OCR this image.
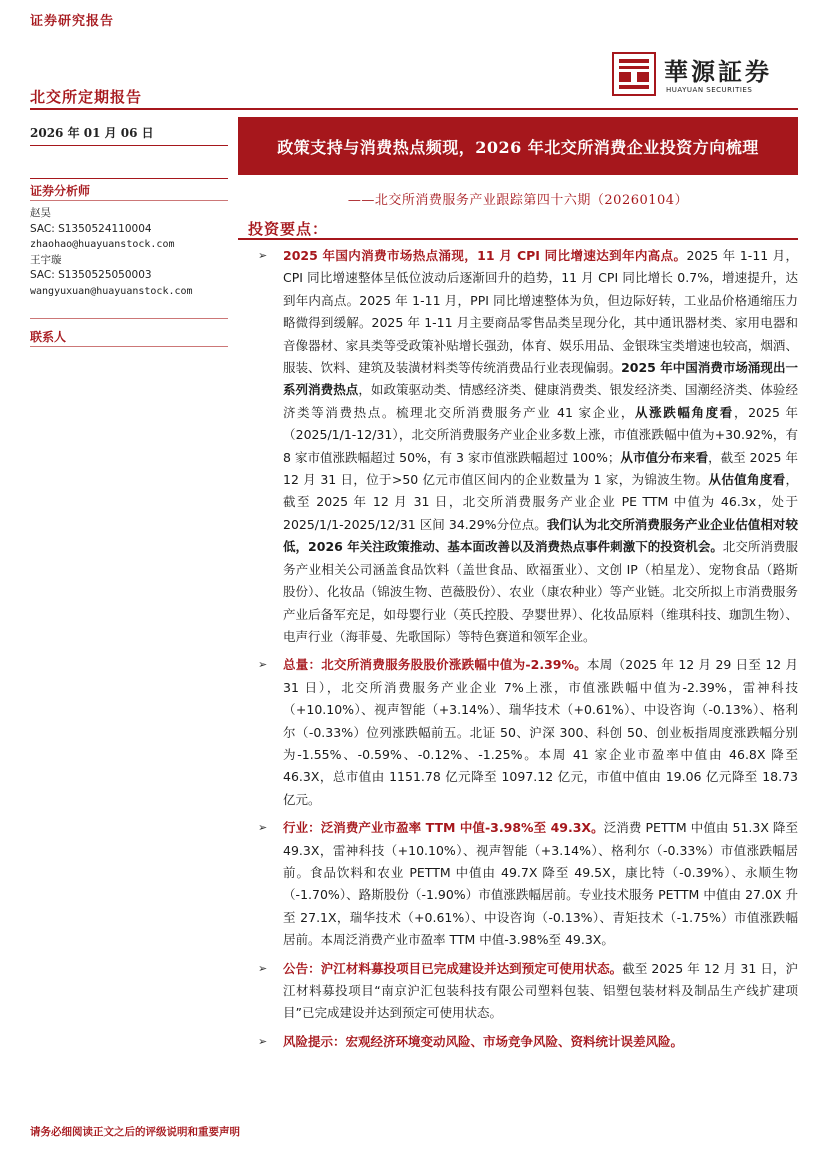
证券研究报告
華源証券
HUAYUAN SECURITIES
北交所定期报告
2026 年 01 月 06 日
政策支持与消费热点频现，2026 年北交所消费企业投资方向梳理
——北交所消费服务产业跟踪第四十六期（20260104）
证券分析师
赵昊
SAC: S1350524110004
zhaohao@huayuanstock.com
王宇璇
SAC: S1350525050003
wangyuxuan@huayuanstock.com
联系人
投资要点：
➢ 2025 年国内消费市场热点涌现，11 月 CPI 同比增速达到年内高点。2025 年 1-11 月，CPI 同比增速整体呈低位波动后逐渐回升的趋势，11 月 CPI 同比增长 0.7%，增速提升，达到年内高点。2025 年 1-11 月，PPI 同比增速整体为负，但边际好转，工业品价格通缩压力略微得到缓解。2025 年 1-11 月主要商品零售品类呈现分化，其中通讯器材类、家用电器和音像器材、家具类等受政策补贴增长强劲，体育、娱乐用品、金银珠宝类增速也较高，烟酒、服装、饮料、建筑及装潢材料类等传统消费品行业表现偏弱。2025 年中国消费市场涌现出一系列消费热点，如政策驱动类、情感经济类、健康消费类、银发经济类、国潮经济类、体验经济类等消费热点。梳理北交所消费服务产业 41 家企业，从涨跌幅角度看，2025 年（2025/1/1-12/31），北交所消费服务产业企业多数上涨，市值涨跌幅中值为+30.92%，有 8 家市值涨跌幅超过 50%，有 3 家市值涨跌幅超过 100%；从市值分布来看，截至 2025 年 12 月 31 日，位于>50 亿元市值区间内的企业数量为 1 家，为锦波生物。从估值角度看，截至 2025 年 12 月 31 日，北交所消费服务产业企业 PE TTM 中值为 46.3x，处于 2025/1/1-2025/12/31 区间 34.29%分位点。我们认为北交所消费服务产业企业估值相对较低，2026 年关注政策推动、基本面改善以及消费热点事件刺激下的投资机会。北交所消费服务产业相关公司涵盖食品饮料（盖世食品、欧福蛋业）、文创 IP（柏星龙）、宠物食品（路斯股份）、化妆品（锦波生物、芭薇股份）、农业（康农种业）等产业链。北交所拟上市消费服务产业后备军充足，如母婴行业（英氏控股、孕婴世界）、化妆品原料（维琪科技、珈凯生物）、电声行业（海菲曼、先歌国际）等特色赛道和领军企业。
➢ 总量：北交所消费服务股股价涨跌幅中值为-2.39%。本周（2025 年 12 月 29 日至 12 月 31 日），北交所消费服务产业企业 7%上涨，市值涨跌幅中值为-2.39%，雷神科技（+10.10%）、视声智能（+3.14%）、瑞华技术（+0.61%）、中设咨询（-0.13%）、格利尔（-0.33%）位列涨跌幅前五。北证 50、沪深 300、科创 50、创业板指周度涨跌幅分别为-1.55%、-0.59%、-0.12%、-1.25%。本周 41 家企业市盈率中值由 46.8X 降至 46.3X，总市值由 1151.78 亿元降至 1097.12 亿元，市值中值由 19.06 亿元降至 18.73 亿元。
➢ 行业：泛消费产业市盈率 TTM 中值-3.98%至 49.3X。泛消费 PETTM 中值由 51.3X 降至 49.3X，雷神科技（+10.10%）、视声智能（+3.14%）、格利尔（-0.33%）市值涨跌幅居前。食品饮料和农业 PETTM 中值由 49.7X 降至 49.5X，康比特（-0.39%）、永顺生物（-1.70%）、路斯股份（-1.90%）市值涨跌幅居前。专业技术服务 PETTM 中值由 27.0X 升至 27.1X，瑞华技术（+0.61%）、中设咨询（-0.13%）、青矩技术（-1.75%）市值涨跌幅居前。本周泛消费产业市盈率 TTM 中值-3.98%至 49.3X。
➢ 公告：沪江材料募投项目已完成建设并达到预定可使用状态。截至 2025 年 12 月 31 日，沪江材料募投项目“南京沪汇包装科技有限公司塑料包装、铝塑包装材料及制品生产线扩建项目”已完成建设并达到预定可使用状态。
➢ 风险提示：宏观经济环境变动风险、市场竞争风险、资料统计误差风险。
请务必细阅读正文之后的评级说明和重要声明
